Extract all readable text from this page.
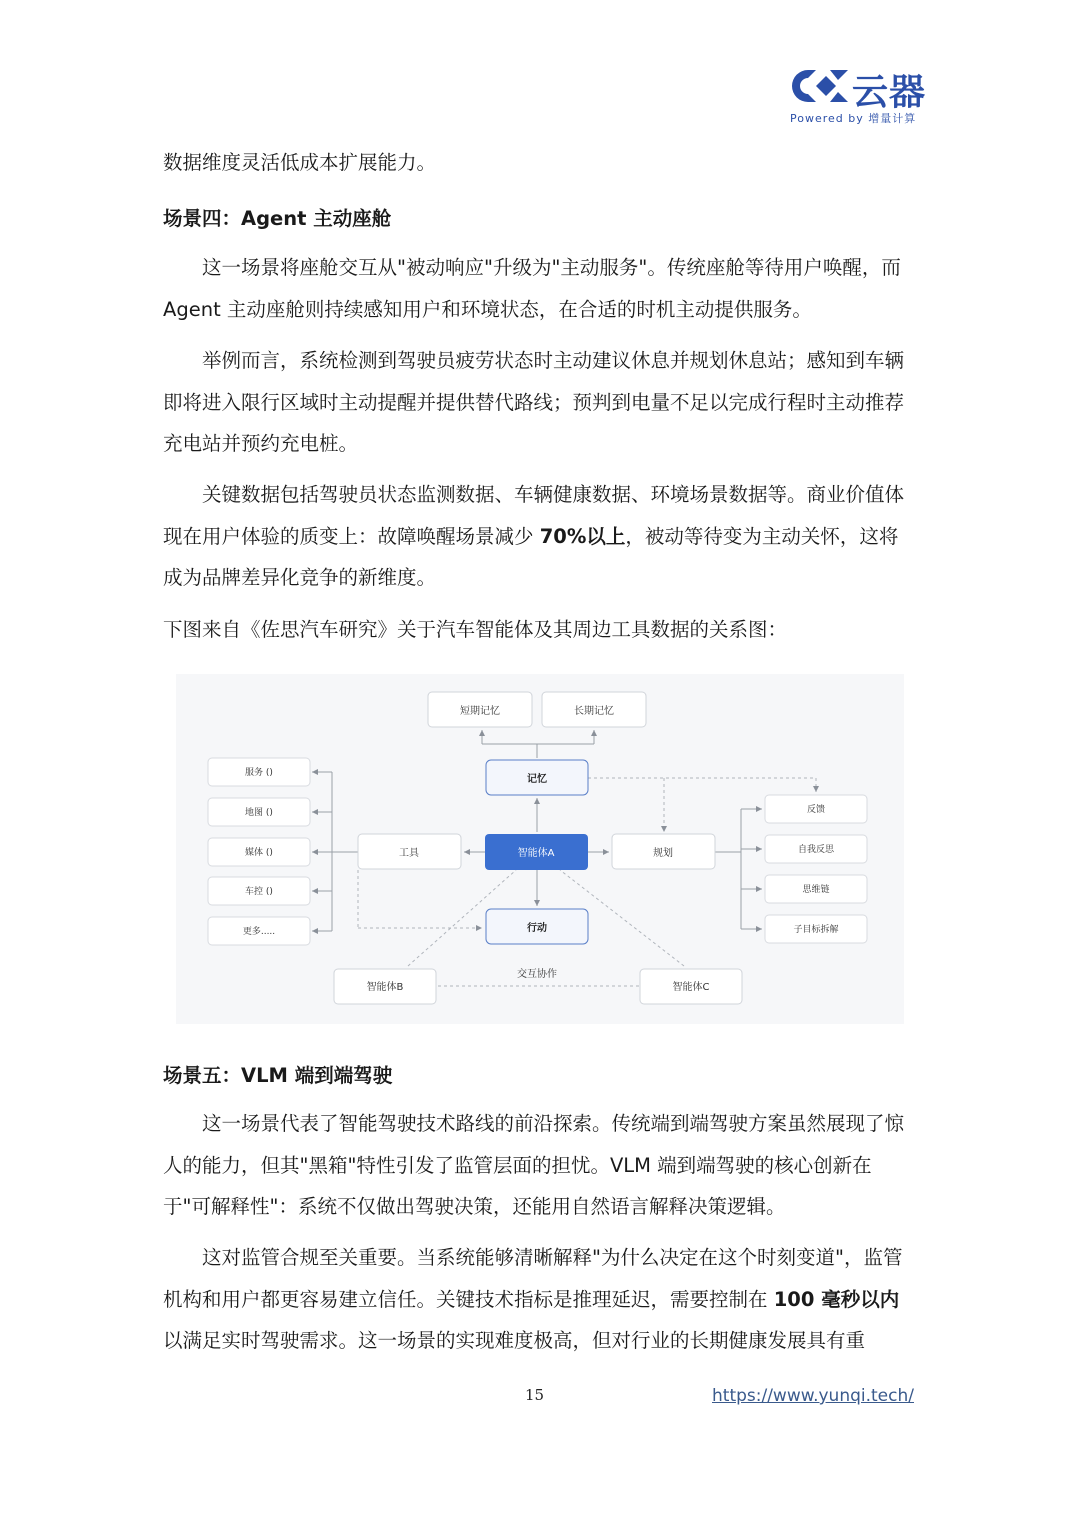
云器
Powered by 增量计算

数据维度灵活低成本扩展能力。

场景四：Agent 主动座舱

这一场景将座舱交互从"被动响应"升级为"主动服务"。传统座舱等待用户唤醒，而 Agent 主动座舱则持续感知用户和环境状态，在合适的时机主动提供服务。

举例而言，系统检测到驾驶员疲劳状态时主动建议休息并规划休息站；感知到车辆即将进入限行区域时主动提醒并提供替代路线；预判到电量不足以完成行程时主动推荐充电站并预约充电桩。

关键数据包括驾驶员状态监测数据、车辆健康数据、环境场景数据等。商业价值体现在用户体验的质变上：故障唤醒场景减少 70%以上，被动等待变为主动关怀，这将成为品牌差异化竞争的新维度。

下图来自《佐思汽车研究》关于汽车智能体及其周边工具数据的关系图：

短期记忆	长期记忆
记忆
智能体A
工具	规划
行动
智能体B	智能体C
交互协作
服务 ()
地图 ()
媒体 ()
车控 ()
更多.....
反馈
自我反思
思维链
子目标拆解

场景五：VLM 端到端驾驶

这一场景代表了智能驾驶技术路线的前沿探索。传统端到端驾驶方案虽然展现了惊人的能力，但其"黑箱"特性引发了监管层面的担忧。VLM 端到端驾驶的核心创新在于"可解释性"：系统不仅做出驾驶决策，还能用自然语言解释决策逻辑。

这对监管合规至关重要。当系统能够清晰解释"为什么决定在这个时刻变道"，监管机构和用户都更容易建立信任。关键技术指标是推理延迟，需要控制在 100 毫秒以内以满足实时驾驶需求。这一场景的实现难度极高，但对行业的长期健康发展具有重

15	https://www.yunqi.tech/
